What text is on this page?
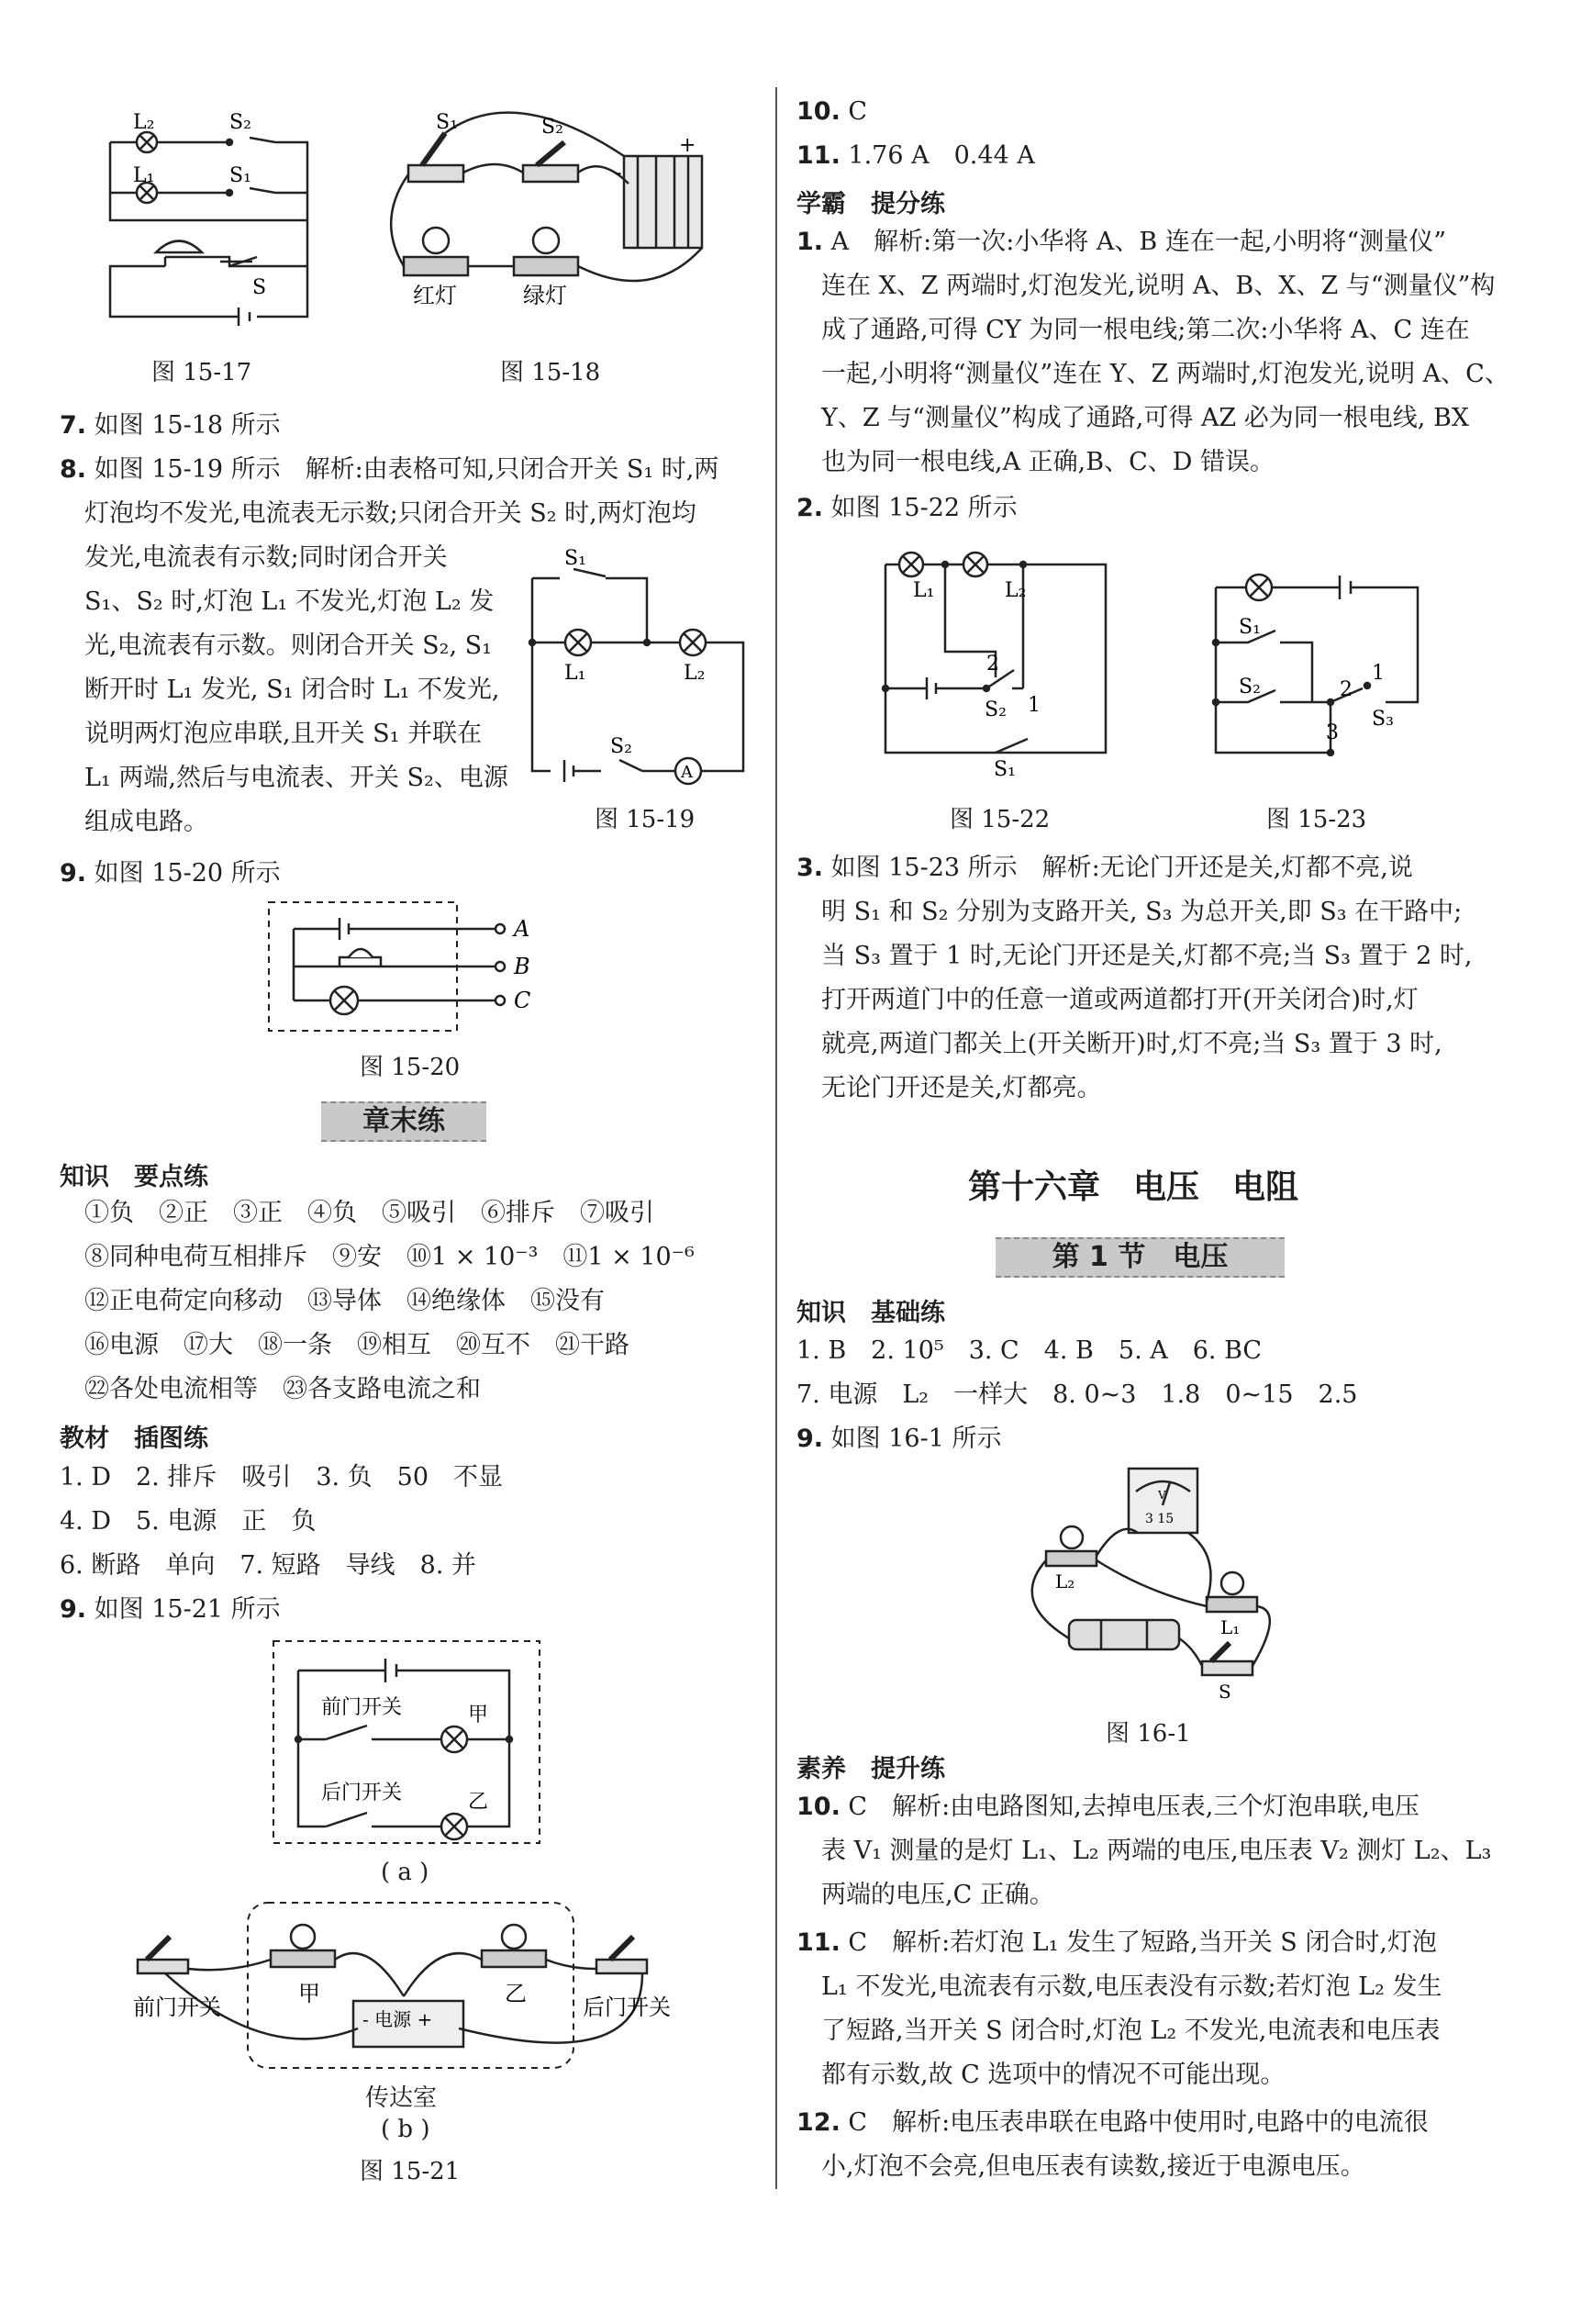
L₂	S₂
L₁	S₁
S
图 15-17
-
+
S₁	S₂
红灯	绿灯
图 15-18
7. 如图 15-18 所示
8. 如图 15-19 所示　解析:由表格可知,只闭合开关 S₁ 时,两
灯泡均不发光,电流表无示数;只闭合开关 S₂ 时,两灯泡均
发光,电流表有示数;同时闭合开关
S₁、S₂ 时,灯泡 L₁ 不发光,灯泡 L₂ 发
光,电流表有示数。则闭合开关 S₂, S₁
断开时 L₁ 发光, S₁ 闭合时 L₁ 不发光,
说明两灯泡应串联,且开关 S₁ 并联在
L₁ 两端,然后与电流表、开关 S₂、电源
组成电路。
S₁
L₁	L₂
S₂
A
图 15-19
9. 如图 15-20 所示
A
B
C
图 15-20
章末练
知识　要点练
①负　②正　③正　④负　⑤吸引　⑥排斥　⑦吸引
⑧同种电荷互相排斥　⑨安　⑩1 × 10⁻³　⑪1 × 10⁻⁶
⑫正电荷定向移动　⑬导体　⑭绝缘体　⑮没有
⑯电源　⑰大　⑱一条　⑲相互　⑳互不　㉑干路
㉒各处电流相等　㉓各支路电流之和
教材　插图练
1. D　2. 排斥　吸引　3. 负　50　不显
4. D　5. 电源　正　负
6. 断路　单向　7. 短路　导线　8. 并
9. 如图 15-21 所示
前门开关	甲
后门开关	乙
( a )
甲	乙
- 电源 +
前门开关	后门开关
传达室
( b )
图 15-21
10. C
11. 1.76 A　0.44 A
学霸　提分练
1. A　解析:第一次:小华将 A、B 连在一起,小明将“测量仪”
连在 X、Z 两端时,灯泡发光,说明 A、B、X、Z 与“测量仪”构
成了通路,可得 CY 为同一根电线;第二次:小华将 A、C 连在
一起,小明将“测量仪”连在 Y、Z 两端时,灯泡发光,说明 A、C、
Y、Z 与“测量仪”构成了通路,可得 AZ 必为同一根电线, BX
也为同一根电线,A 正确,B、C、D 错误。
2. 如图 15-22 所示
L₁	L₂
2
1
S₂
S₁
S₁
S₂
1
2
3
S₃
图 15-22	图 15-23
3. 如图 15-23 所示　解析:无论门开还是关,灯都不亮,说
明 S₁ 和 S₂ 分别为支路开关, S₃ 为总开关,即 S₃ 在干路中;
当 S₃ 置于 1 时,无论门开还是关,灯都不亮;当 S₃ 置于 2 时,
打开两道门中的任意一道或两道都打开(开关闭合)时,灯
就亮,两道门都关上(开关断开)时,灯不亮;当 S₃ 置于 3 时,
无论门开还是关,灯都亮。
第十六章　电压　电阻
第 1 节　电压
知识　基础练
1. B　2. 10⁵　3. C　4. B　5. A　6. BC
7. 电源　L₂　一样大　8. 0~3　1.8　0~15　2.5
9. 如图 16-1 所示
3 15
V
L₂
L₁
S
图 16-1
素养　提升练
10. C　解析:由电路图知,去掉电压表,三个灯泡串联,电压
表 V₁ 测量的是灯 L₁、L₂ 两端的电压,电压表 V₂ 测灯 L₂、L₃
两端的电压,C 正确。
11. C　解析:若灯泡 L₁ 发生了短路,当开关 S 闭合时,灯泡
L₁ 不发光,电流表有示数,电压表没有示数;若灯泡 L₂ 发生
了短路,当开关 S 闭合时,灯泡 L₂ 不发光,电流表和电压表
都有示数,故 C 选项中的情况不可能出现。
12. C　解析:电压表串联在电路中使用时,电路中的电流很
小,灯泡不会亮,但电压表有读数,接近于电源电压。
